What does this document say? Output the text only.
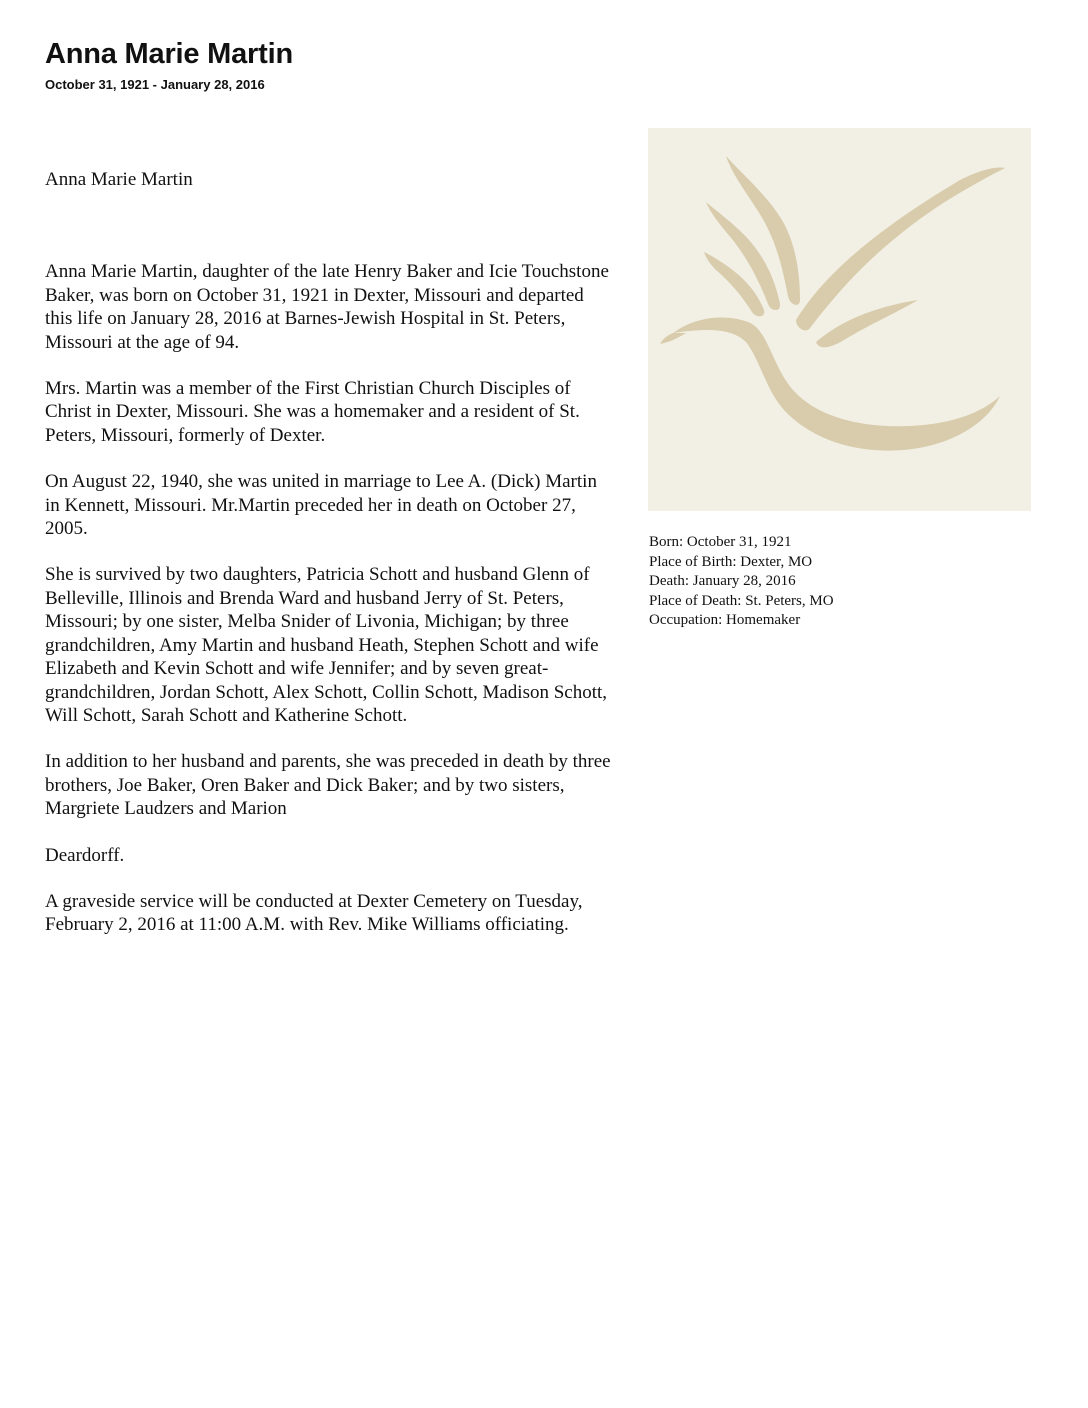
Anna Marie Martin

October 31, 1921 - January 28, 2016

Anna Marie Martin

Anna Marie Martin, daughter of the late Henry Baker and Icie Touchstone Baker, was born on October 31, 1921 in Dexter, Missouri and departed this life on January 28, 2016 at Barnes-Jewish Hospital in St. Peters, Missouri at the age of 94.

Mrs. Martin was a member of the First Christian Church Disciples of Christ in Dexter, Missouri. She was a homemaker and a resident of St. Peters, Missouri, formerly of Dexter.

On August 22, 1940, she was united in marriage to Lee A. (Dick) Martin in Kennett, Missouri. Mr.Martin preceded her in death on October 27, 2005.

She is survived by two daughters, Patricia Schott and husband Glenn of Belleville, Illinois and Brenda Ward and husband Jerry of St. Peters, Missouri; by one sister, Melba Snider of Livonia, Michigan; by three grandchildren, Amy Martin and husband Heath, Stephen Schott and wife Elizabeth and Kevin Schott and wife Jennifer; and by seven great-grandchildren, Jordan Schott, Alex Schott, Collin Schott, Madison Schott, Will Schott, Sarah Schott and Katherine Schott.

In addition to her husband and parents, she was preceded in death by three brothers, Joe Baker, Oren Baker and Dick Baker; and by two sisters, Margriete Laudzers and Marion

Deardorff.

A graveside service will be conducted at Dexter Cemetery on Tuesday, February 2, 2016 at 11:00 A.M. with Rev. Mike Williams officiating.

Born: October 31, 1921

Place of Birth: Dexter, MO

Death: January 28, 2016

Place of Death: St. Peters, MO

Occupation: Homemaker
